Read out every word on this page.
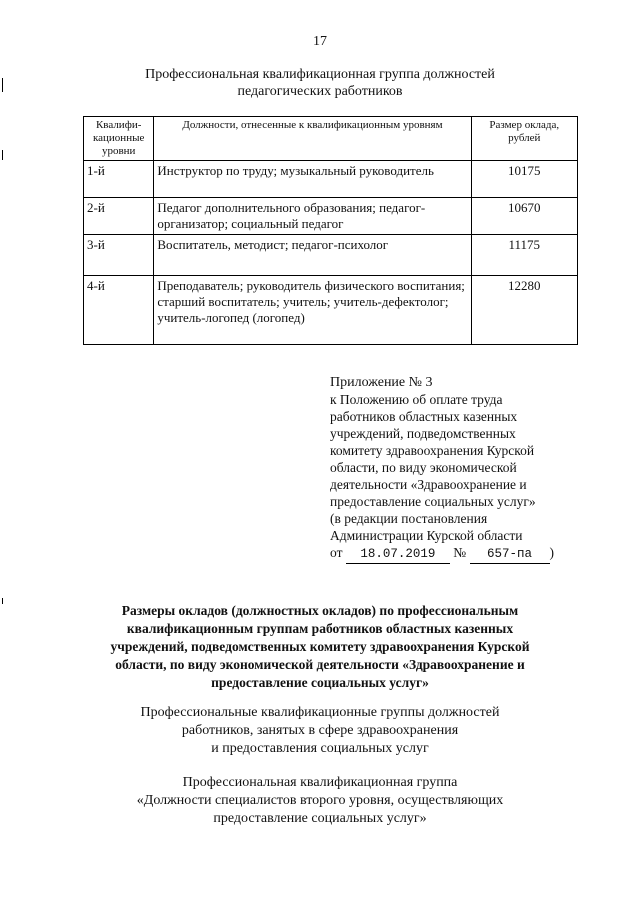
17
Профессиональная квалификационная группа должностей
педагогических работников
Квалифи-кационные уровни	Должности, отнесенные к квалификационным уровням	Размер оклада, рублей
1-й	Инструктор по труду; музыкальный руководитель	10175
2-й	Педагог дополнительного образования; педагог-организатор; социальный педагог	10670
3-й	Воспитатель, методист; педагог-психолог	11175
4-й	Преподаватель; руководитель физического воспитания; старший воспитатель; учитель; учитель-дефектолог; учитель-логопед (логопед)	12280
Приложение № 3
к Положению об оплате труда
работников областных казенных
учреждений, подведомственных
комитету здравоохранения Курской
области, по виду экономической
деятельности «Здравоохранение и
предоставление социальных услуг»
(в редакции постановления
Администрации Курской области
от 18.07.2019 № 657-па )
Размеры окладов (должностных окладов) по профессиональным
квалификационным группам работников областных казенных
учреждений, подведомственных комитету здравоохранения Курской
области, по виду экономической деятельности «Здравоохранение и
предоставление социальных услуг»
Профессиональные квалификационные группы должностей
работников, занятых в сфере здравоохранения
и предоставления социальных услуг
Профессиональная квалификационная группа
«Должности специалистов второго уровня, осуществляющих
предоставление социальных услуг»
